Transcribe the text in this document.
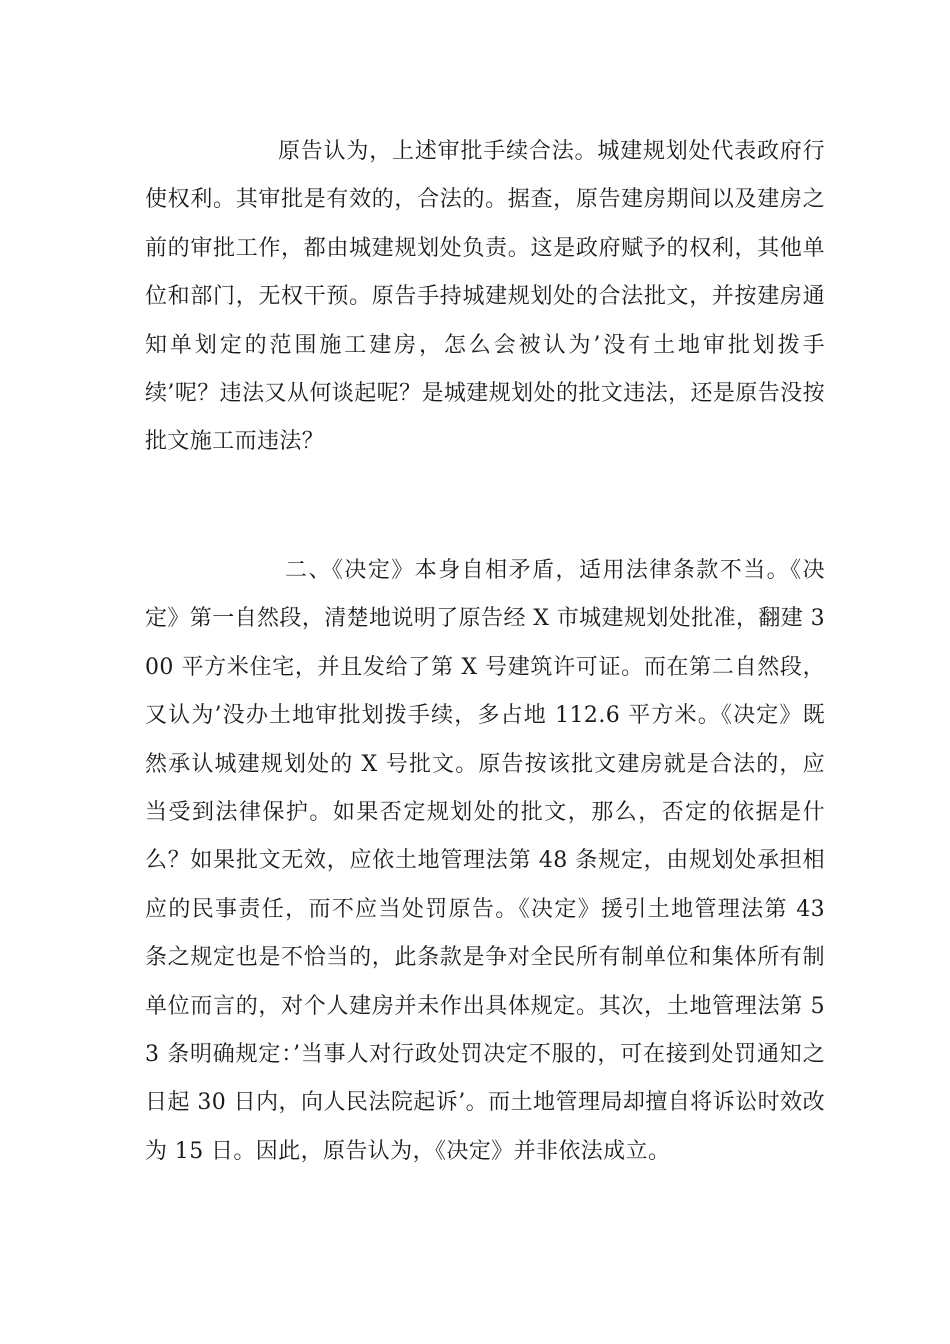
原告认为，上述审批手续合法。城建规划处代表政府行使权利。其审批是有效的，合法的。据查，原告建房期间以及建房之前的审批工作，都由城建规划处负责。这是政府赋予的权利，其他单位和部门，无权干预。原告手持城建规划处的合法批文，并按建房通知单划定的范围施工建房，怎么会被认为’没有土地审批划拨手续’呢？违法又从何谈起呢？是城建规划处的批文违法，还是原告没按批文施工而违法？

二、《决定》本身自相矛盾，适用法律条款不当。《决定》第一自然段，清楚地说明了原告经 X 市城建规划处批准，翻建 300 平方米住宅，并且发给了第 X 号建筑许可证。而在第二自然段，又认为’没办土地审批划拨手续，多占地 112.6 平方米。《决定》既然承认城建规划处的 X 号批文。原告按该批文建房就是合法的，应当受到法律保护。如果否定规划处的批文，那么，否定的依据是什么？如果批文无效，应依土地管理法第 48 条规定，由规划处承担相应的民事责任，而不应当处罚原告。《决定》援引土地管理法第 43 条之规定也是不恰当的，此条款是争对全民所有制单位和集体所有制单位而言的，对个人建房并未作出具体规定。其次，土地管理法第 53 条明确规定：’当事人对行政处罚决定不服的，可在接到处罚通知之日起 30 日内，向人民法院起诉’。而土地管理局却擅自将诉讼时效改为 15 日。因此，原告认为，《决定》并非依法成立。
